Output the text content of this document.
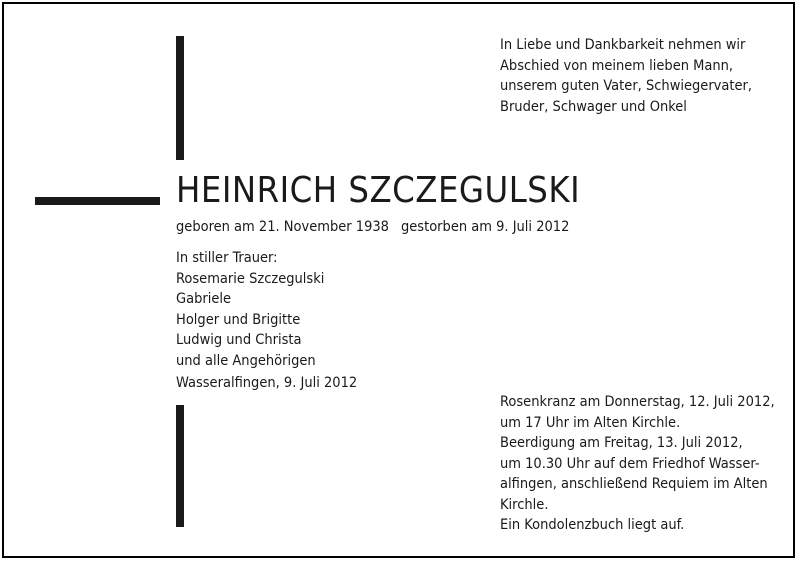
In Liebe und Dankbarkeit nehmen wir
Abschied von meinem lieben Mann,
unserem guten Vater, Schwiegervater,
Bruder, Schwager und Onkel
HEINRICH SZCZEGULSKI
geboren am 21. November 1938 gestorben am 9. Juli 2012
In stiller Trauer:
Rosemarie Szczegulski
Gabriele
Holger und Brigitte
Ludwig und Christa
und alle Angehörigen
Wasseralfingen, 9. Juli 2012
Rosenkranz am Donnerstag, 12. Juli 2012,
um 17 Uhr im Alten Kirchle.
Beerdigung am Freitag, 13. Juli 2012,
um 10.30 Uhr auf dem Friedhof Wasser-
alfingen, anschließend Requiem im Alten
Kirchle.
Ein Kondolenzbuch liegt auf.
